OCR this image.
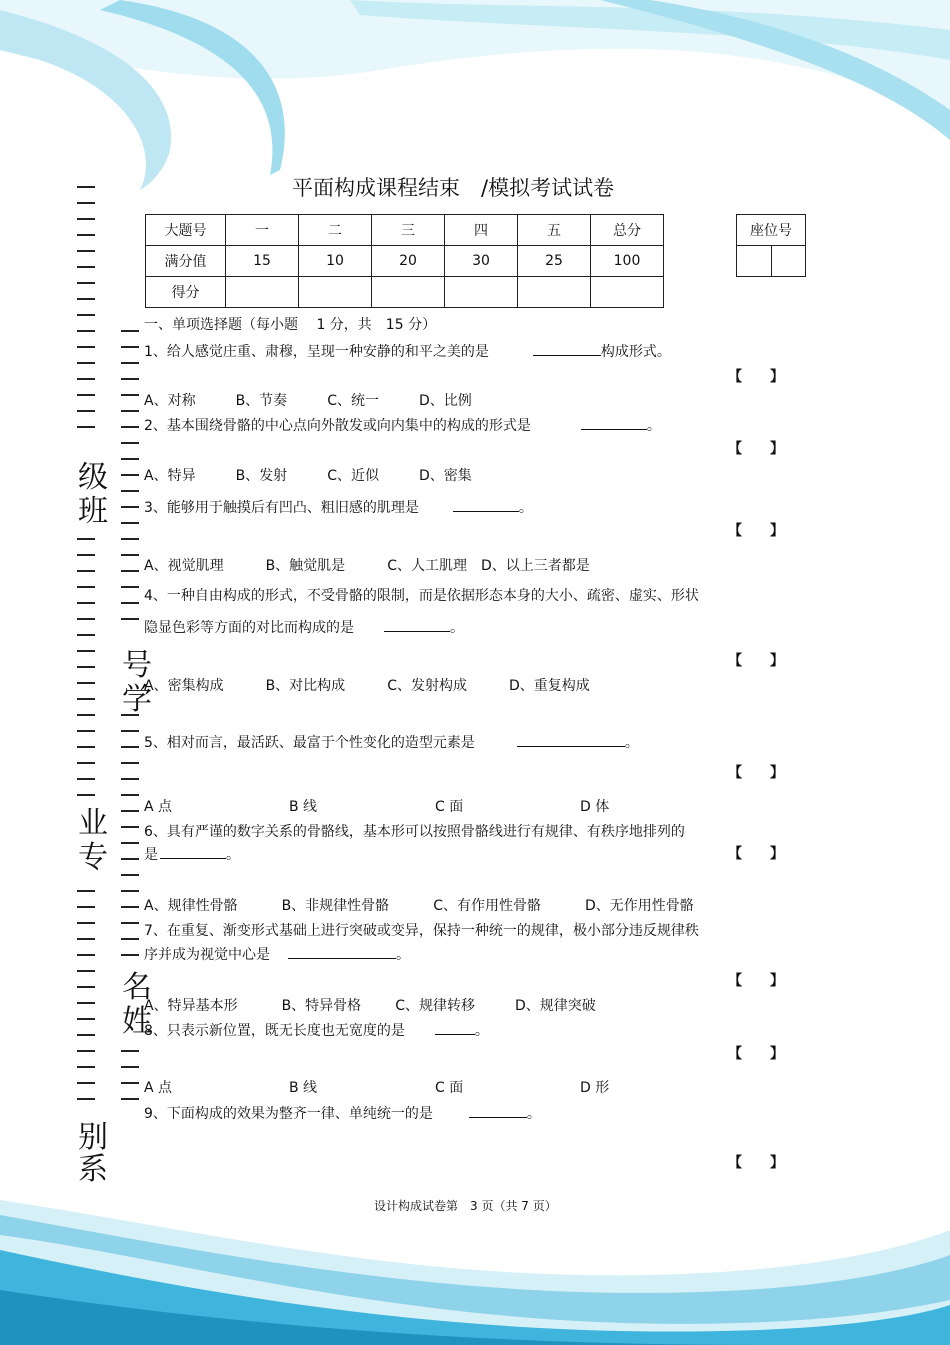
平面构成课程结束　/模拟考试试卷
大题号	一	二	三	四	五	总分
满分值	15	10	20	30	25	100
得分						
座位号

级
班
号
学
业
专
名
姓
别
系
一、单项选择题（每小题　 1 分，共　15 分）
1、给人感觉庄重、肃穆，呈现一种安静的和平之美的是	构成形式。
【　　】
A、对称	B、节奏	C、统一	D、比例
2、基本围绕骨骼的中心点向外散发或向内集中的构成的形式是	。
【　　】
A、特异	B、发射	C、近似	D、密集
3、能够用于触摸后有凹凸、粗旧感的肌理是	。
【　　】
A、视觉肌理	B、触觉肌是	C、人工肌理 D、以上三者都是
4、一种自由构成的形式，不受骨骼的限制，而是依据形态本身的大小、疏密、虚实、形状
隐显色彩等方面的对比而构成的是	。
【　　】
A、密集构成	B、对比构成	C、发射构成	D、重复构成
5、相对而言，最活跃、最富于个性变化的造型元素是	。
【　　】
A 点	B 线	C 面	D 体
6、具有严谨的数字关系的骨骼线，基本形可以按照骨骼线进行有规律、有秩序地排列的
是	。	【　　】
A、规律性骨骼	B、非规律性骨骼	C、有作用性骨骼	D、无作用性骨骼
7、在重复、渐变形式基础上进行突破或变异，保持一种统一的规律，极小部分违反规律秩
序并成为视觉中心是	。
【　　】
A、特异基本形	B、特异骨格 C、规律转移	D、规律突破
8、只表示新位置，既无长度也无宽度的是	。
【　　】
A 点	B 线	C 面	D 形
9、下面构成的效果为整齐一律、单纯统一的是	。
【　　】
设计构成试卷第　3 页（共 7 页）
